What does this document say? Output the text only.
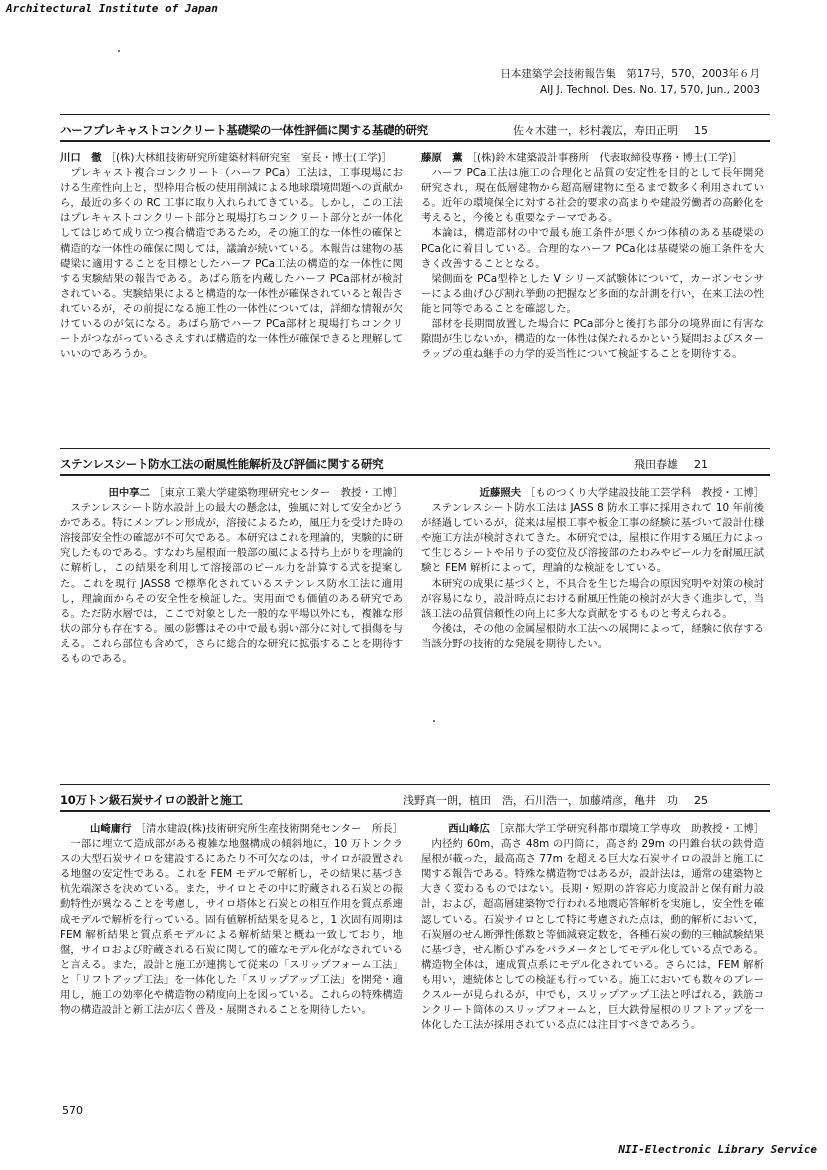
Architectural Institute of Japan
日本建築学会技術報告集　第17号，570，2003年６月
AIJ J. Technol. Des. No. 17, 570, Jun., 2003
ハーフプレキャストコンクリート基礎梁の一体性評価に関する基礎的研究	佐々木建一，杉村義広，寿田正明 15
川口　徹 ［(株)大林組技術研究所建築材料研究室　室長・博士(工学)］

プレキャスト複合コンクリート（ハーフ PCa）工法は，工事現場における生産性向上と，型枠用合板の使用削減による地球環境問題への貢献から，最近の多くの RC 工事に取り入れられてきている。しかし，この工法はプレキャストコンクリート部分と現場打ちコンクリート部分とが一体化してはじめて成り立つ複合構造であるため，その施工的な一体性の確保と構造的な一体性の確保に関しては，議論が続いている。本報告は建物の基礎梁に適用することを目標としたハーフ PCa工法の構造的な一体性に関する実験結果の報告である。あばら筋を内蔵したハーフ PCa部材が検討されている。実験結果によると構造的な一体性が確保されていると報告されているが，その前提になる施工性の一体性については，詳細な情報が欠けているのが気になる。あばら筋でハーフ PCa部材と現場打ちコンクリートがつながっているさえすれば構造的な一体性が確保できると理解していいのであろうか。

藤原　薫 ［(株)鈴木建築設計事務所　代表取締役専務・博士(工学)］

ハーフ PCa工法は施工の合理化と品質の安定性を目的として長年開発研究され，現在低層建物から超高層建物に至るまで数多く利用されている。近年の環境保全に対する社会的要求の高まりや建設労働者の高齢化を考えると，今後とも重要なテーマである。

本論は，構造部材の中で最も施工条件が悪くかつ体積のある基礎梁の PCa化に着目している。合理的なハーフ PCa化は基礎梁の施工条件を大きく改善することとなる。

梁側面を PCa型枠とした V シリーズ試験体について，カーボンセンサーによる曲げひび割れ挙動の把握など多面的な計測を行い，在来工法の性能と同等であることを確認した。

部材を長期間放置した場合に PCa部分と後打ち部分の境界面に有害な隙間が生じないか，構造的な一体性は保たれるかという疑問およびスターラップの重ね継手の力学的妥当性について検証することを期待する。

ステンレスシート防水工法の耐風性能解析及び評価に関する研究	飛田春雄 21
田中享二 ［東京工業大学建築物理研究センター　教授・工博］

ステンレスシート防水設計上の最大の懸念は，強風に対して安全かどうかである。特にメンブレン形成が，溶接によるため，風圧力を受けた時の溶接部安全性の確認が不可欠である。本研究はこれを理論的，実験的に研究したものである。すなわち屋根面一般部の風による持ち上がりを理論的に解析し，この結果を利用して溶接部のピール力を計算する式を提案した。これを現行 JASS8 で標準化されているステンレス防水工法に適用し，理論面からその安全性を検証した。実用面でも価値のある研究である。ただ防水層では，ここで対象とした一般的な平場以外にも，複雑な形状の部分も存在する。風の影響はその中で最も弱い部分に対して損傷を与える。これら部位も含めて，さらに総合的な研究に拡張することを期待するものである。

近藤照夫 ［ものつくり大学建設技能工芸学科　教授・工博］

ステンレスシート防水工法は JASS 8 防水工事に採用されて 10 年前後が経過しているが，従来は屋根工事や板金工事の経験に基づいて設計仕様や施工方法が検討されてきた。本研究では，屋根に作用する風圧力によって生じるシートや吊り子の変位及び溶接部のたわみやピール力を耐風圧試験と FEM 解析によって，理論的な検証をしている。

本研究の成果に基づくと，不具合を生じた場合の原因究明や対策の検討が容易になり，設計時点における耐風圧性能の検討が大きく進歩して，当該工法の品質信頼性の向上に多大な貢献をするものと考えられる。

今後は，その他の金属屋根防水工法への展開によって，経験に依存する当該分野の技術的な発展を期待したい。

10万トン級石炭サイロの設計と施工	浅野真一朗，植田　浩，石川浩一，加藤靖彦，亀井　功 25
山崎庸行 ［清水建設(株)技術研究所生産技術開発センター　所長］

一部に埋立て造成部がある複雑な地盤構成の傾斜地に，10 万トンクラスの大型石炭サイロを建設するにあたり不可欠なのは，サイロが設置される地盤の安定性である。これを FEM モデルで解析し，その結果に基づき杭先端深さを決めている。また，サイロとその中に貯蔵される石炭との振動特性が異なることを考慮し，サイロ塔体と石炭との相互作用を質点系連成モデルで解析を行っている。固有値解析結果を見ると，1 次固有周期は FEM 解析結果と質点系モデルによる解析結果と概ね一致しており，地盤，サイロおよび貯蔵される石炭に関して的確なモデル化がなされていると言える。また，設計と施工が連携して従来の「スリップフォーム工法」と「リフトアップ工法」を一体化した「スリップアップ工法」を開発・適用し，施工の効率化や構造物の精度向上を図っている。これらの特殊構造物の構造設計と新工法が広く普及・展開されることを期待したい。

西山峰広 ［京都大学工学研究科都市環境工学専攻　助教授・工博］

内径約 60m，高さ 48m の円筒に，高さ約 29m の円錐台状の鉄骨造屋根が載った，最高高さ 77m を超える巨大な石炭サイロの設計と施工に関する報告である。特殊な構造物ではあるが，設計法は，通常の建築物と大きく変わるものではない。長期・短期の許容応力度設計と保有耐力設計，および，超高層建築物で行われる地震応答解析を実施し，安全性を確認している。石炭サイロとして特に考慮された点は，動的解析において，石炭層のせん断弾性係数と等価減衰定数を，各種石炭の動的三軸試験結果に基づき，せん断ひずみをパラメータとしてモデル化している点である。構造物全体は，連成質点系にモデル化されている。さらには，FEM 解析も用い，連続体としての検証も行っている。施工においても数々のブレークスルーが見られるが，中でも，スリップアップ工法と呼ばれる，鉄筋コンクリート筒体のスリップフォームと，巨大鉄骨屋根のリフトアップを一体化した工法が採用されている点には注目すべきであろう。

570
NII-Electronic Library Service
